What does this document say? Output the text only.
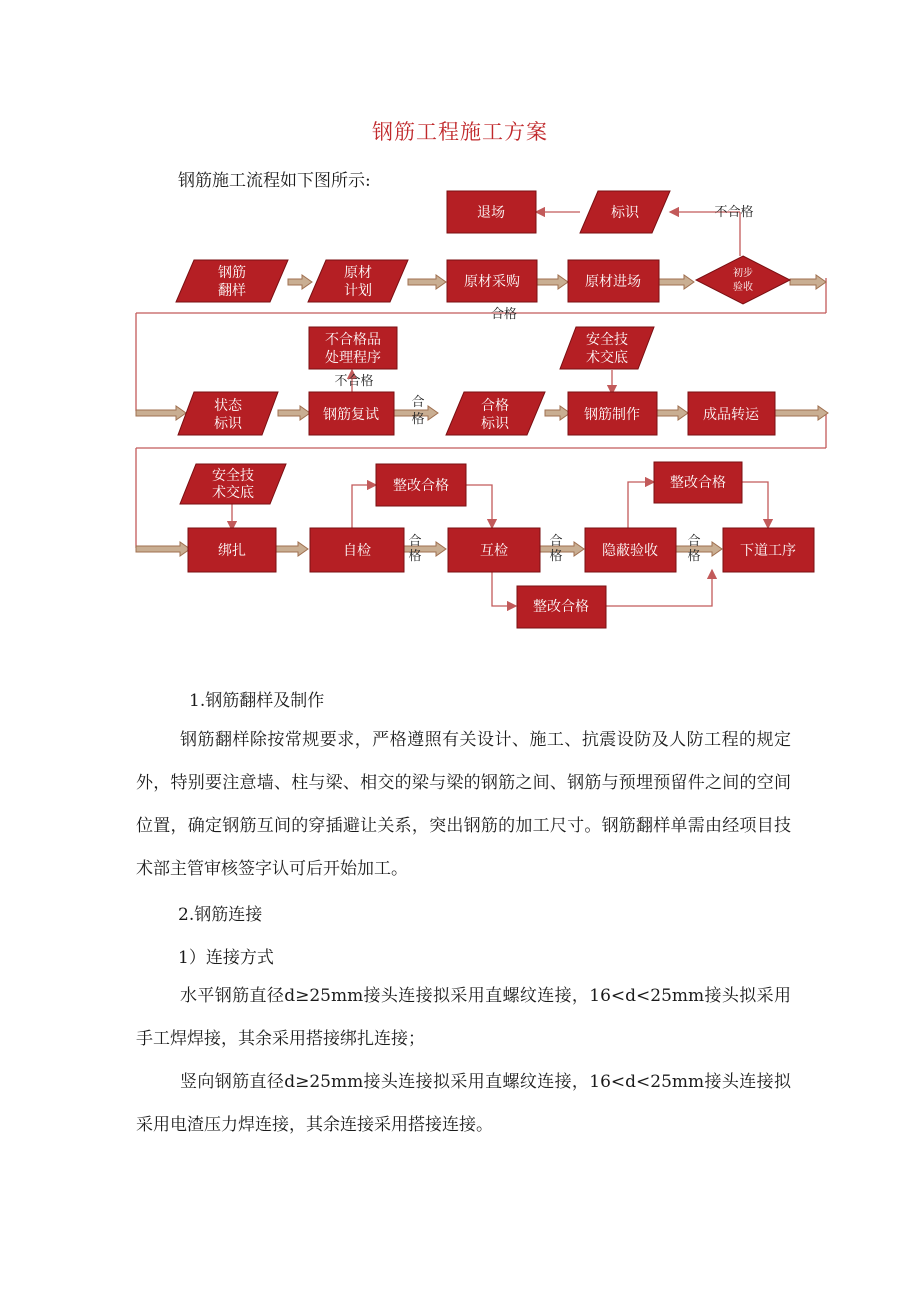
钢筋工程施工方案
钢筋施工流程如下图所示:
退场	标识
钢筋
翻样
原材
计划
原材采购	原材进场
初步
验收
不合格品
处理程序
安全技
术交底
状态
标识
钢筋复试
合格
标识
钢筋制作	成品转运
安全技
术交底	整改合格	整改合格
绑扎	自检	互检	隐蔽验收	下道工序
整改合格
不合格
合格
不合格
合
格
合
格
合
格
合
格
1.钢筋翻样及制作

钢筋翻样除按常规要求，严格遵照有关设计、施工、抗震设防及人防工程的规定外，特别要注意墙、柱与梁、相交的梁与梁的钢筋之间、钢筋与预埋预留件之间的空间位置，确定钢筋互间的穿插避让关系，突出钢筋的加工尺寸。钢筋翻样单需由经项目技术部主管审核签字认可后开始加工。

2.钢筋连接
1）连接方式

水平钢筋直径d≥25mm接头连接拟采用直螺纹连接，16<d<25mm接头拟采用手工焊焊接，其余采用搭接绑扎连接；

竖向钢筋直径d≥25mm接头连接拟采用直螺纹连接，16<d<25mm接头连接拟采用电渣压力焊连接，其余连接采用搭接连接。
